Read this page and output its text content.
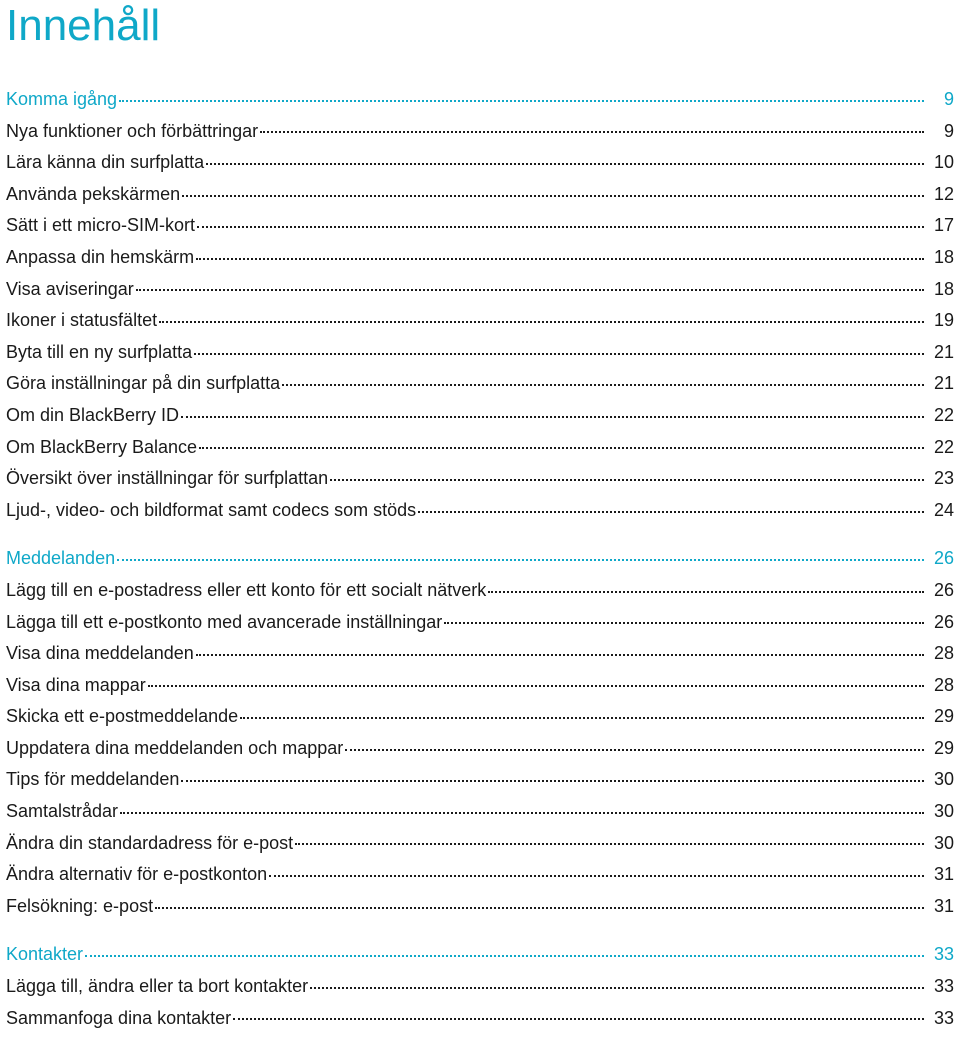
Innehåll
Komma igång	9
Nya funktioner och förbättringar	9
Lära känna din surfplatta	10
Använda pekskärmen	12
Sätt i ett micro-SIM-kort	17
Anpassa din hemskärm	18
Visa aviseringar	18
Ikoner i statusfältet	19
Byta till en ny surfplatta	21
Göra inställningar på din surfplatta	21
Om din BlackBerry ID	22
Om BlackBerry Balance	22
Översikt över inställningar för surfplattan	23
Ljud-, video- och bildformat samt codecs som stöds	24
Meddelanden	26
Lägg till en e-postadress eller ett konto för ett socialt nätverk	26
Lägga till ett e-postkonto med avancerade inställningar	26
Visa dina meddelanden	28
Visa dina mappar	28
Skicka ett e-postmeddelande	29
Uppdatera dina meddelanden och mappar	29
Tips för meddelanden	30
Samtalstrådar	30
Ändra din standardadress för e-post	30
Ändra alternativ för e-postkonton	31
Felsökning: e-post	31
Kontakter	33
Lägga till, ändra eller ta bort kontakter	33
Sammanfoga dina kontakter	33
